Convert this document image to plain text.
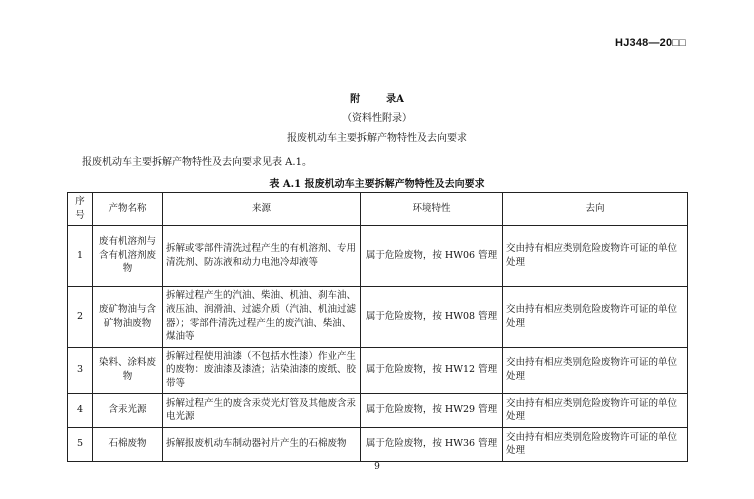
HJ348—20□□
附	录A
（资料性附录）
报废机动车主要拆解产物特性及去向要求
报废机动车主要拆解产物特性及去向要求见表 A.1。
表 A.1 报废机动车主要拆解产物特性及去向要求
序号	产物名称	来源	环境特性	去向
1	废有机溶剂与含有机溶剂废物	拆解或零部件清洗过程产生的有机溶剂、专用清洗剂、防冻液和动力电池冷却液等	属于危险废物，按 HW06 管理	交由持有相应类别危险废物许可证的单位处理
2	废矿物油与含矿物油废物	拆解过程产生的汽油、柴油、机油、刹车油、液压油、润滑油、过滤介质（汽油、机油过滤器）；零部件清洗过程产生的废汽油、柴油、煤油等	属于危险废物，按 HW08 管理	交由持有相应类别危险废物许可证的单位处理
3	染料、涂料废物	拆解过程使用油漆（不包括水性漆）作业产生的废物：废油漆及漆渣；沾染油漆的废纸、胶带等	属于危险废物，按 HW12 管理	交由持有相应类别危险废物许可证的单位处理
4	含汞光源	拆解过程产生的废含汞荧光灯管及其他废含汞电光源	属于危险废物，按 HW29 管理	交由持有相应类别危险废物许可证的单位处理
5	石棉废物	拆解报废机动车制动器衬片产生的石棉废物	属于危险废物，按 HW36 管理	交由持有相应类别危险废物许可证的单位处理
9
